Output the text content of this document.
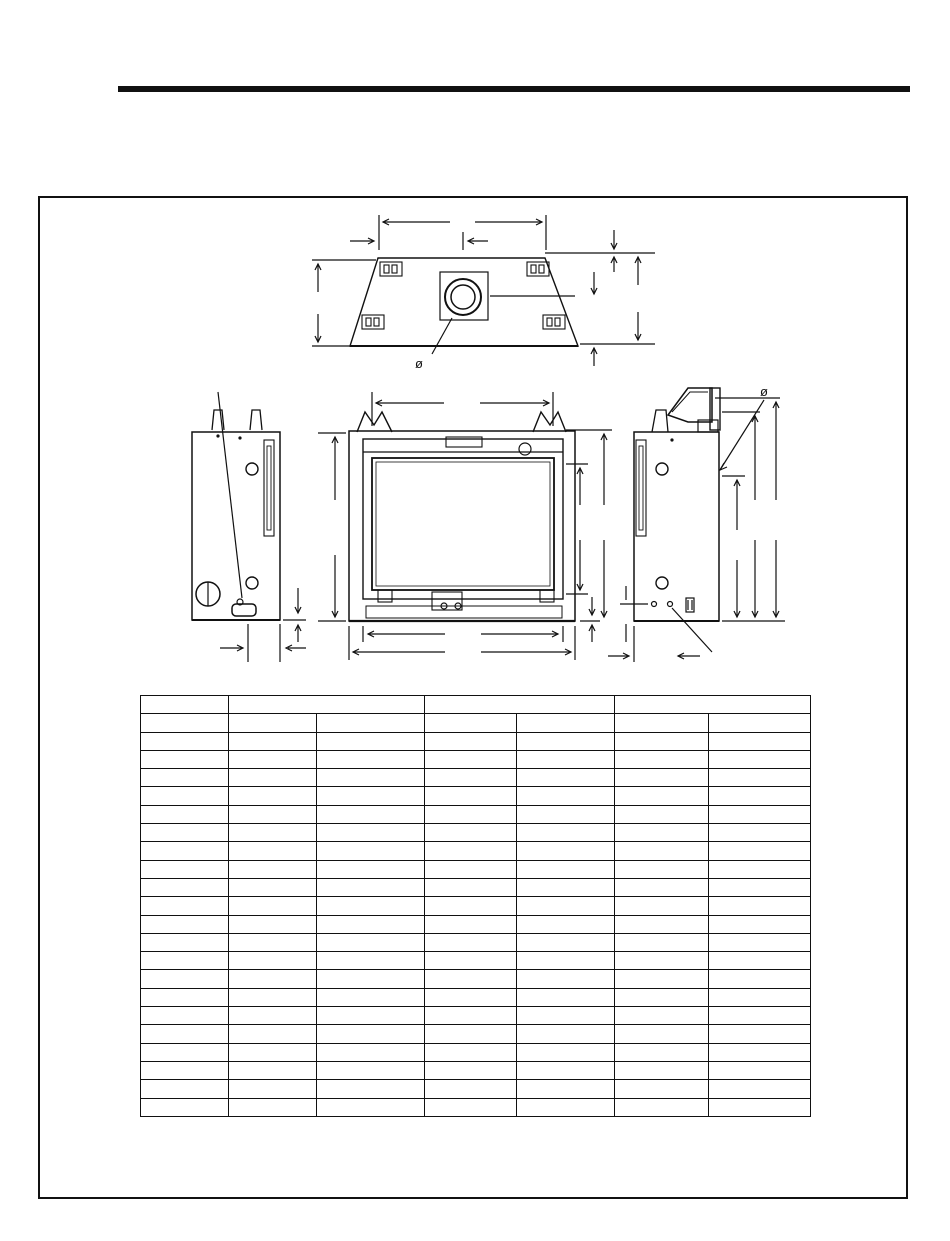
ø
ø
